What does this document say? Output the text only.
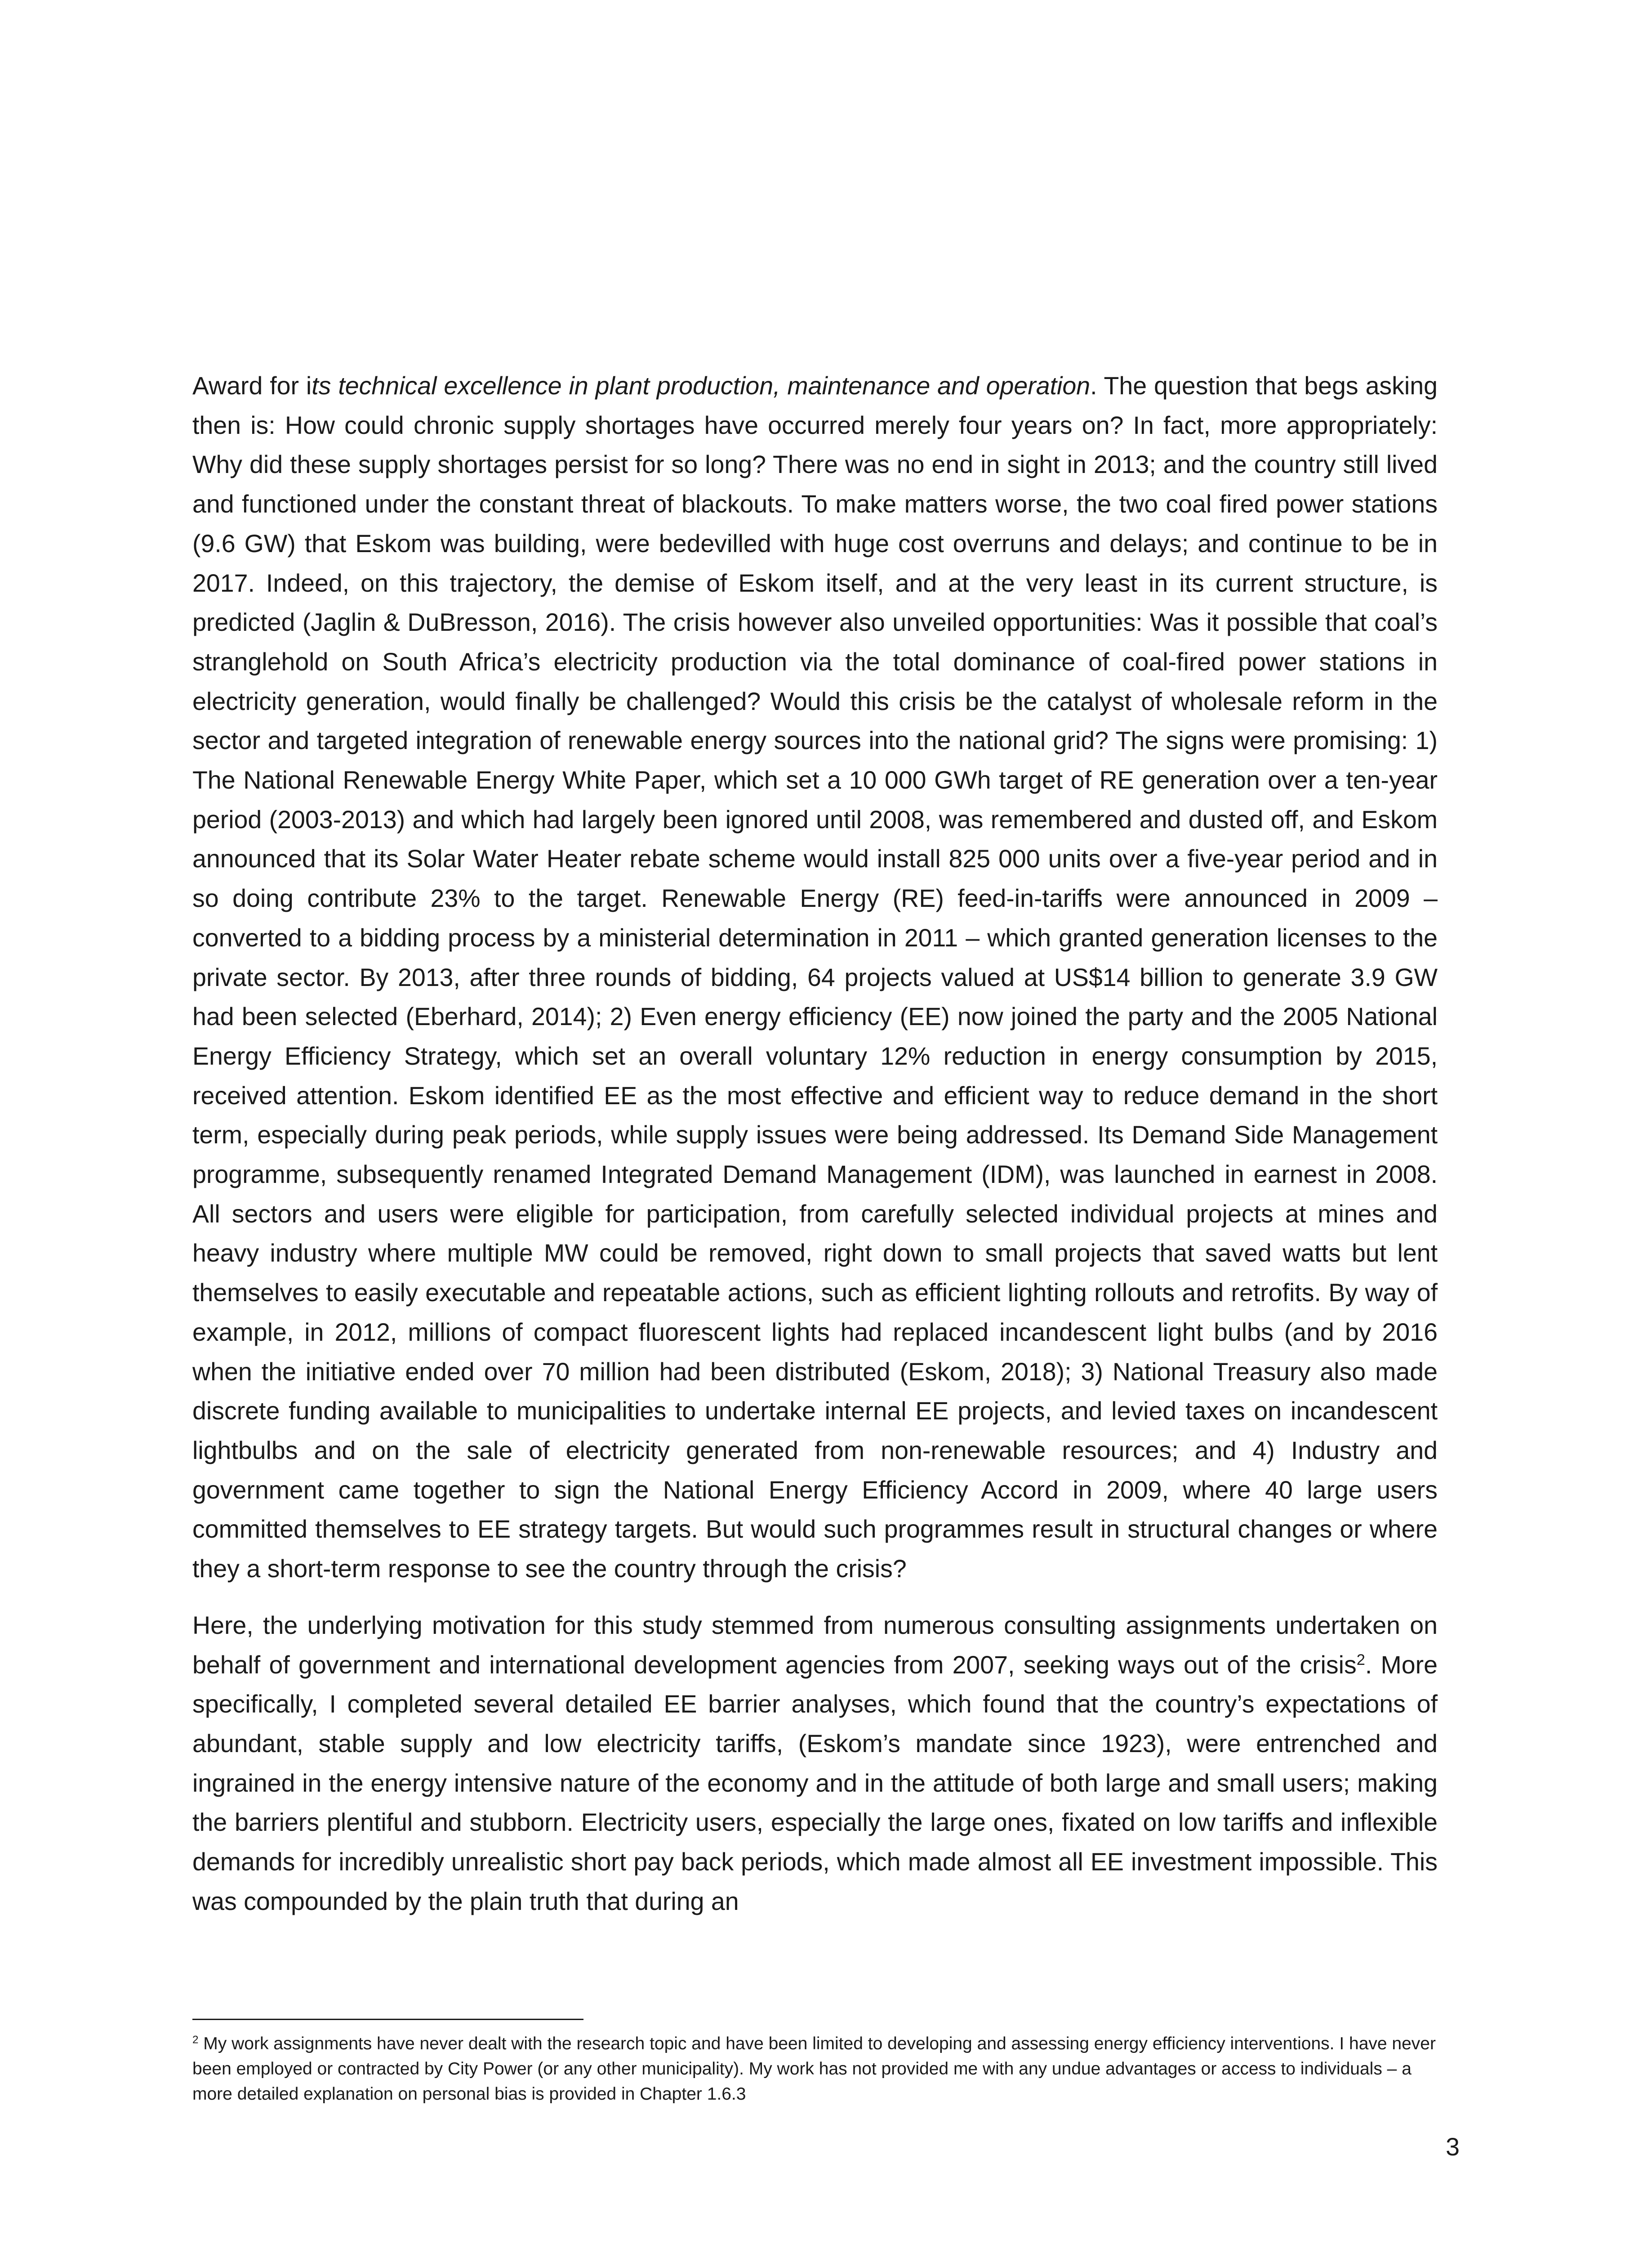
Award for its technical excellence in plant production, maintenance and operation. The question that begs asking then is: How could chronic supply shortages have occurred merely four years on? In fact, more appropriately: Why did these supply shortages persist for so long? There was no end in sight in 2013; and the country still lived and functioned under the constant threat of blackouts. To make matters worse, the two coal fired power stations (9.6 GW) that Eskom was building, were bedevilled with huge cost overruns and delays; and continue to be in 2017. Indeed, on this trajectory, the demise of Eskom itself, and at the very least in its current structure, is predicted (Jaglin & DuBresson, 2016). The crisis however also unveiled opportunities: Was it possible that coal’s stranglehold on South Africa’s electricity production via the total dominance of coal-fired power stations in electricity generation, would finally be challenged? Would this crisis be the catalyst of wholesale reform in the sector and targeted integration of renewable energy sources into the national grid? The signs were promising: 1) The National Renewable Energy White Paper, which set a 10 000 GWh target of RE generation over a ten-year period (2003-2013) and which had largely been ignored until 2008, was remembered and dusted off, and Eskom announced that its Solar Water Heater rebate scheme would install 825 000 units over a five-year period and in so doing contribute 23% to the target. Renewable Energy (RE) feed-in-tariffs were announced in 2009 – converted to a bidding process by a ministerial determination in 2011 – which granted generation licenses to the private sector. By 2013, after three rounds of bidding, 64 projects valued at US$14 billion to generate 3.9 GW had been selected (Eberhard, 2014); 2) Even energy efficiency (EE) now joined the party and the 2005 National Energy Efficiency Strategy, which set an overall voluntary 12% reduction in energy consumption by 2015, received attention. Eskom identified EE as the most effective and efficient way to reduce demand in the short term, especially during peak periods, while supply issues were being addressed. Its Demand Side Management programme, subsequently renamed Integrated Demand Management (IDM), was launched in earnest in 2008. All sectors and users were eligible for participation, from carefully selected individual projects at mines and heavy industry where multiple MW could be removed, right down to small projects that saved watts but lent themselves to easily executable and repeatable actions, such as efficient lighting rollouts and retrofits. By way of example, in 2012, millions of compact fluorescent lights had replaced incandescent light bulbs (and by 2016 when the initiative ended over 70 million had been distributed (Eskom, 2018); 3) National Treasury also made discrete funding available to municipalities to undertake internal EE projects, and levied taxes on incandescent lightbulbs and on the sale of electricity generated from non-renewable resources; and 4) Industry and government came together to sign the National Energy Efficiency Accord in 2009, where 40 large users committed themselves to EE strategy targets. But would such programmes result in structural changes or where they a short-term response to see the country through the crisis?

Here, the underlying motivation for this study stemmed from numerous consulting assignments undertaken on behalf of government and international development agencies from 2007, seeking ways out of the crisis$^2$. More specifically, I completed several detailed EE barrier analyses, which found that the country’s expectations of abundant, stable supply and low electricity tariffs, (Eskom’s mandate since 1923), were entrenched and ingrained in the energy intensive nature of the economy and in the attitude of both large and small users; making the barriers plentiful and stubborn. Electricity users, especially the large ones, fixated on low tariffs and inflexible demands for incredibly unrealistic short pay back periods, which made almost all EE investment impossible. This was compounded by the plain truth that during an

$^2$ My work assignments have never dealt with the research topic and have been limited to developing and assessing energy efficiency interventions. I have never been employed or contracted by City Power (or any other municipality). My work has not provided me with any undue advantages or access to individuals – a more detailed explanation on personal bias is provided in Chapter 1.6.3

3
